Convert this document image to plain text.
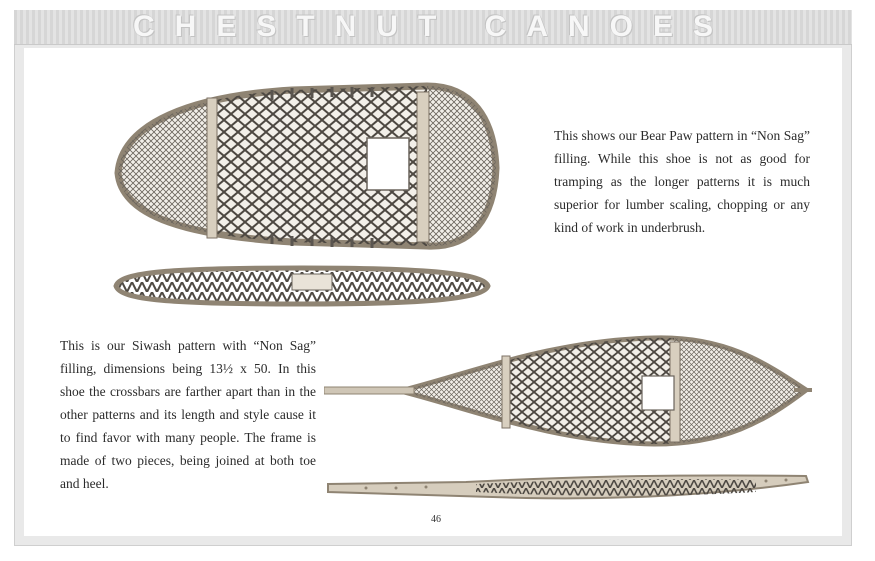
CHESTNUT CANOES

This shows our Bear Paw pattern in “Non Sag” filling. While this shoe is not as good for tramping as the longer patterns it is much superior for lumber scaling, chopping or any kind of work in underbrush.

This is our Siwash pattern with “Non Sag” filling, dimensions being 13½ x 50. In this shoe the crossbars are farther apart than in the other patterns and its length and style cause it to find favor with many people. The frame is made of two pieces, being joined at both toe and heel.

46
